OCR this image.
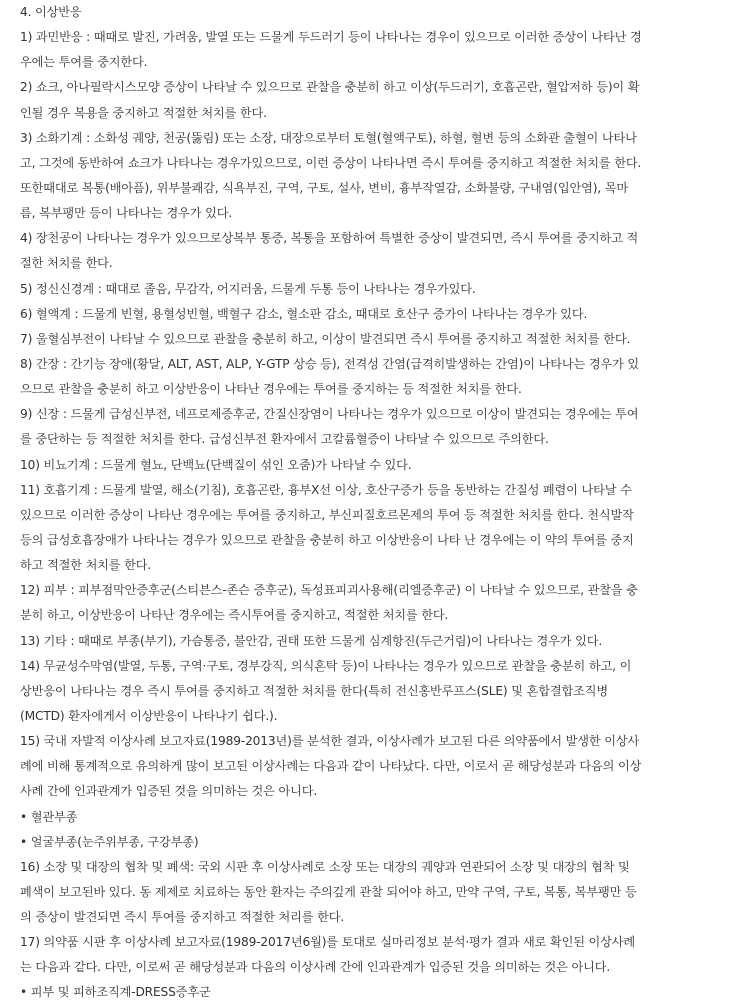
4. 이상반응
1) 과민반응 : 때때로 발진, 가려움, 발열 또는 드물게 두드러기 등이 나타나는 경우이 있으므로 이러한 증상이 나타난 경
우에는 투여를 중지한다.
2) 쇼크, 아나필락시스모양 증상이 나타날 수 있으므로 관찰을 충분히 하고 이상(두드러기, 호흡곤란, 혈압저하 등)이 확
인될 경우 복용을 중지하고 적절한 처치를 한다.
3) 소화기계 : 소화성 궤양, 천공(뚫림) 또는 소장, 대장으로부터 토혈(혈액구토), 하혈, 혈변 등의 소화관 출혈이 나타나
고, 그것에 동반하여 쇼크가 나타나는 경우가있으므로, 이런 증상이 나타나면 즉시 투여를 중지하고 적절한 처치를 한다.
또한때대로 복통(배아픔), 위부불쾌감, 식욕부진, 구역, 구토, 설사, 변비, 흉부작열감, 소화불량, 구내염(입안염), 목마
름, 복부팽만 등이 나타나는 경우가 있다.
4) 장천공이 나타나는 경우가 있으므로상복부 통증, 복통을 포함하여 특별한 증상이 발견되면, 즉시 투여를 중지하고 적
절한 처치를 한다.
5) 정신신경계 : 때대로 졸음, 무감각, 어지러움, 드물게 두통 등이 나타나는 경우가있다.
6) 혈액계 : 드물게 빈혈, 용혈성빈혈, 백혈구 감소, 혈소판 감소, 때대로 호산구 증가이 나타나는 경우가 있다.
7) 울혈심부전이 나타날 수 있으므로 관찰을 충분히 하고, 이상이 발견되면 즉시 투여를 중지하고 적절한 처치를 한다.
8) 간장 : 간기능 장애(황달, ALT, AST, ALP, Y-GTP 상승 등), 전격성 간염(급격히발생하는 간염)이 나타나는 경우가 있
으므로 관찰을 충분히 하고 이상반응이 나타난 경우에는 투여를 중지하는 등 적절한 처치를 한다.
9) 신장 : 드물게 급성신부전, 네프로제증후군, 간질신장염이 나타나는 경우가 있으므로 이상이 발견되는 경우에는 투여
를 중단하는 등 적절한 처치를 한다. 급성신부전 환자에서 고칼륨혈증이 나타날 수 있으므로 주의한다.
10) 비뇨기계 : 드물게 혈뇨, 단백뇨(단백질이 섞인 오줌)가 나타날 수 있다.
11) 호흡기계 : 드물게 발열, 해소(기침), 호흡곤란, 흉부X선 이상, 호산구증가 등을 동반하는 간질성 폐렴이 나타날 수
있으므로 이러한 증상이 나타난 경우에는 투여를 중지하고, 부신피질호르몬제의 투여 등 적절한 처치를 한다. 천식발작
등의 급성호흡장애가 나타나는 경우가 있으므로 관찰을 충분히 하고 이상반응이 나타 난 경우에는 이 약의 투여를 중지
하고 적절한 처치를 한다.
12) 피부 : 피부점막안증후군(스티븐스-존슨 증후군), 독성표피괴사용해(리엘증후군) 이 나타날 수 있으므로, 관찰을 충
분히 하고, 이상반응이 나타난 경우에는 즉시투여를 중지하고, 적절한 처치를 한다.
13) 기타 : 때때로 부종(부기), 가슴통증, 불안감, 권태 또한 드물게 심계항진(두근거림)이 나타나는 경우가 있다.
14) 무균성수막염(발열, 두통, 구역·구토, 경부강직, 의식혼탁 등)이 나타나는 경우가 있으므로 관찰을 충분히 하고, 이
상반응이 나타나는 경우 즉시 투여를 중지하고 적절한 처치를 한다(특히 전신홍반루프스(SLE) 및 혼합결합조직병
(MCTD) 환자에게서 이상반응이 나타나기 쉽다.).
15) 국내 자발적 이상사례 보고자료(1989-2013년)를 분석한 결과, 이상사례가 보고된 다른 의약품에서 발생한 이상사
례에 비해 통계적으로 유의하게 많이 보고된 이상사례는 다음과 같이 나타났다. 다만, 이로서 곧 해당성분과 다음의 이상
사례 간에 인과관계가 입증된 것을 의미하는 것은 아니다.
• 혈관부종
• 얼굴부종(눈주위부종, 구강부종)
16) 소장 및 대장의 협착 및 폐색: 국외 시판 후 이상사례로 소장 또는 대장의 궤양과 연관되어 소장 및 대장의 협착 및
폐색이 보고된바 있다. 동 제제로 치료하는 동안 환자는 주의깊게 관찰 되어야 하고, 만약 구역, 구토, 복통, 복부팽만 등
의 증상이 발견되면 즉시 투여를 중지하고 적절한 처리를 한다.
17) 의약품 시판 후 이상사례 보고자료(1989-2017년6월)를 토대로 실마리정보 분석·평가 결과 새로 확인된 이상사례
는 다음과 같다. 다만, 이로써 곧 해당성분과 다음의 이상사례 간에 인과관계가 입증된 것을 의미하는 것은 아니다.
• 피부 및 피하조직계-DRESS증후군
